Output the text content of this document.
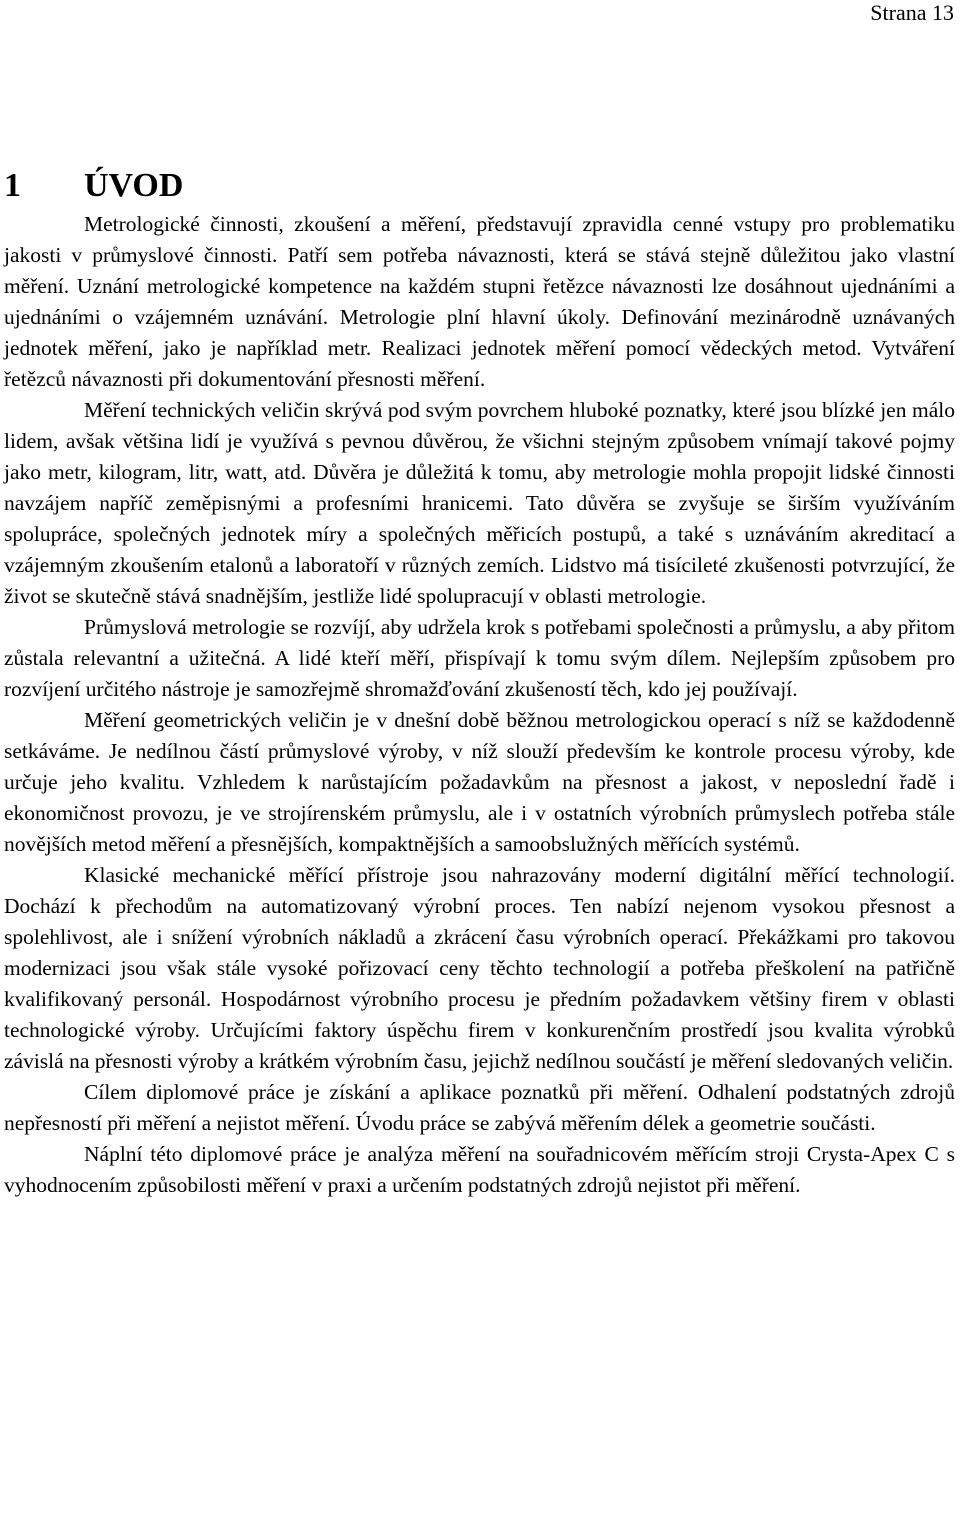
Strana 13
1 ÚVOD

Metrologické činnosti, zkoušení a měření, představují zpravidla cenné vstupy pro problematiku jakosti v průmyslové činnosti. Patří sem potřeba návaznosti, která se stává stejně důležitou jako vlastní měření. Uznání metrologické kompetence na každém stupni řetězce návaznosti lze dosáhnout ujednáními a ujednáními o vzájemném uznávání. Metrologie plní hlavní úkoly. Definování mezinárodně uznávaných jednotek měření, jako je například metr. Realizaci jednotek měření pomocí vědeckých metod. Vytváření řetězců návaznosti při dokumentování přesnosti měření.

Měření technických veličin skrývá pod svým povrchem hluboké poznatky, které jsou blízké jen málo lidem, avšak většina lidí je využívá s pevnou důvěrou, že všichni stejným způsobem vnímají takové pojmy jako metr, kilogram, litr, watt, atd. Důvěra je důležitá k tomu, aby metrologie mohla propojit lidské činnosti navzájem napříč zeměpisnými a profesními hranicemi. Tato důvěra se zvyšuje se širším využíváním spolupráce, společných jednotek míry a společných měřicích postupů, a také s uznáváním akreditací a vzájemným zkoušením etalonů a laboratoří v různých zemích. Lidstvo má tisícileté zkušenosti potvrzující, že život se skutečně stává snadnějším, jestliže lidé spolupracují v oblasti metrologie.

Průmyslová metrologie se rozvíjí, aby udržela krok s potřebami společnosti a průmyslu, a aby přitom zůstala relevantní a užitečná. A lidé kteří měří, přispívají k tomu svým dílem. Nejlepším způsobem pro rozvíjení určitého nástroje je samozřejmě shromažďování zkušeností těch, kdo jej používají.

Měření geometrických veličin je v dnešní době běžnou metrologickou operací s níž se každodenně setkáváme. Je nedílnou částí průmyslové výroby, v níž slouží především ke kontrole procesu výroby, kde určuje jeho kvalitu. Vzhledem k narůstajícím požadavkům na přesnost a jakost, v neposlední řadě i ekonomičnost provozu, je ve strojírenském průmyslu, ale i v ostatních výrobních průmyslech potřeba stále novějších metod měření a přesnějších, kompaktnějších a samoobslužných měřících systémů.

Klasické mechanické měřící přístroje jsou nahrazovány moderní digitální měřící technologií. Dochází k přechodům na automatizovaný výrobní proces. Ten nabízí nejenom vysokou přesnost a spolehlivost, ale i snížení výrobních nákladů a zkrácení času výrobních operací. Překážkami pro takovou modernizaci jsou však stále vysoké pořizovací ceny těchto technologií a potřeba přeškolení na patřičně kvalifikovaný personál. Hospodárnost výrobního procesu je předním požadavkem většiny firem v oblasti technologické výroby. Určujícími faktory úspěchu firem v konkurenčním prostředí jsou kvalita výrobků závislá na přesnosti výroby a krátkém výrobním času, jejichž nedílnou součástí je měření sledovaných veličin.

Cílem diplomové práce je získání a aplikace poznatků při měření. Odhalení podstatných zdrojů nepřesností při měření a nejistot měření. Úvodu práce se zabývá měřením délek a geometrie součásti.

Náplní této diplomové práce je analýza měření na souřadnicovém měřícím stroji Crysta-Apex C s vyhodnocením způsobilosti měření v praxi a určením podstatných zdrojů nejistot při měření.
